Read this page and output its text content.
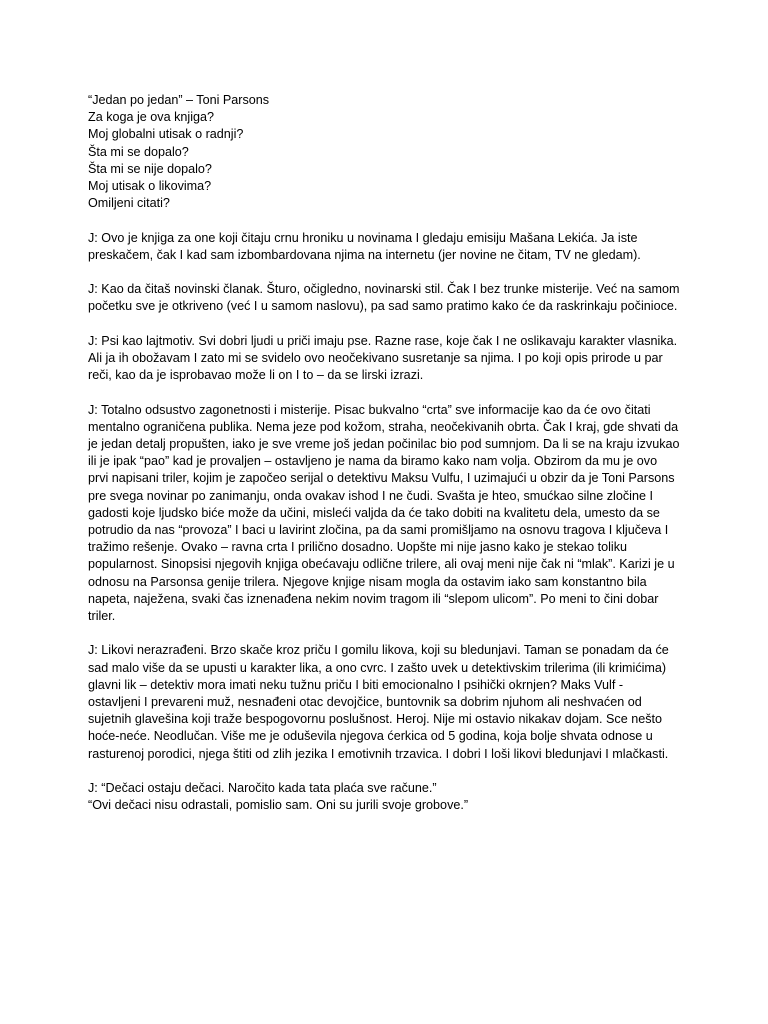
“Jedan po jedan” – Toni Parsons
Za koga je ova knjiga?
Moj globalni utisak o radnji?
Šta mi se dopalo?
Šta mi se nije dopalo?
Moj utisak o likovima?
Omiljeni citati?
J: Ovo je knjiga za one koji čitaju crnu hroniku u novinama I gledaju emisiju Mašana Lekića. Ja iste
preskačem, čak I kad sam izbombardovana njima na internetu (jer novine ne čitam, TV ne gledam).
J: Kao da čitaš novinski članak. Šturo, očigledno, novinarski stil. Čak I bez trunke misterije. Već na samom
početku sve je otkriveno (već I u samom naslovu), pa sad samo pratimo kako će da raskrinkaju počinioce.
J: Psi kao lajtmotiv. Svi dobri ljudi u priči imaju pse. Razne rase, koje čak I ne oslikavaju karakter vlasnika.
Ali ja ih obožavam I zato mi se svidelo ovo neočekivano susretanje sa njima. I po koji opis prirode u par
reči, kao da je isprobavao može li on I to – da se lirski izrazi.
J: Totalno odsustvo zagonetnosti i misterije. Pisac bukvalno “crta” sve informacije kao da će ovo čitati
mentalno ograničena publika. Nema jeze pod kožom, straha, neočekivanih obrta. Čak I kraj, gde shvati da
je jedan detalj propušten, iako je sve vreme još jedan počinilac bio pod sumnjom. Da li se na kraju izvukao
ili je ipak “pao” kad je provaljen – ostavljeno je nama da biramo kako nam volja. Obzirom da mu je ovo
prvi napisani triler, kojim je započeo serijal o detektivu Maksu Vulfu, I uzimajući u obzir da je Toni Parsons
pre svega novinar po zanimanju, onda ovakav ishod I ne čudi. Svašta je hteo, smućkao silne zločine I
gadosti koje ljudsko biće može da učini, misleći valjda da će tako dobiti na kvalitetu dela, umesto da se
potrudio da nas “provoza” I baci u lavirint zločina, pa da sami promišljamo na osnovu tragova I ključeva I
tražimo rešenje. Ovako – ravna crta I prilično dosadno. Uopšte mi nije jasno kako je stekao toliku
popularnost. Sinopsisi njegovih knjiga obećavaju odlične trilere, ali ovaj meni nije čak ni “mlak”. Karizi je u
odnosu na Parsonsa genije trilera. Njegove knjige nisam mogla da ostavim iako sam konstantno bila
napeta, naježena, svaki čas iznenađena nekim novim tragom ili “slepom ulicom”. Po meni to čini dobar
triler.
J: Likovi nerazrađeni. Brzo skače kroz priču I gomilu likova, koji su bledunjavi. Taman se ponadam da će
sad malo više da se upusti u karakter lika, a ono cvrc. I zašto uvek u detektivskim trilerima (ili krimićima)
glavni lik – detektiv mora imati neku tužnu priču I biti emocionalno I psihički okrnjen? Maks Vulf -
ostavljeni I prevareni muž, nesnađeni otac devojčice, buntovnik sa dobrim njuhom ali neshvaćen od
sujetnih glavešina koji traže bespogovornu poslušnost. Heroj. Nije mi ostavio nikakav dojam. Sce nešto
hoće-neće. Neodlučan. Više me je oduševila njegova ćerkica od 5 godina, koja bolje shvata odnose u
rasturenoj porodici, njega štiti od zlih jezika I emotivnih trzavica. I dobri I loši likovi bledunjavi I mlačkasti.
J: “Dečaci ostaju dečaci. Naročito kada tata plaća sve račune.”
“Ovi dečaci nisu odrastali, pomislio sam. Oni su jurili svoje grobove.”
